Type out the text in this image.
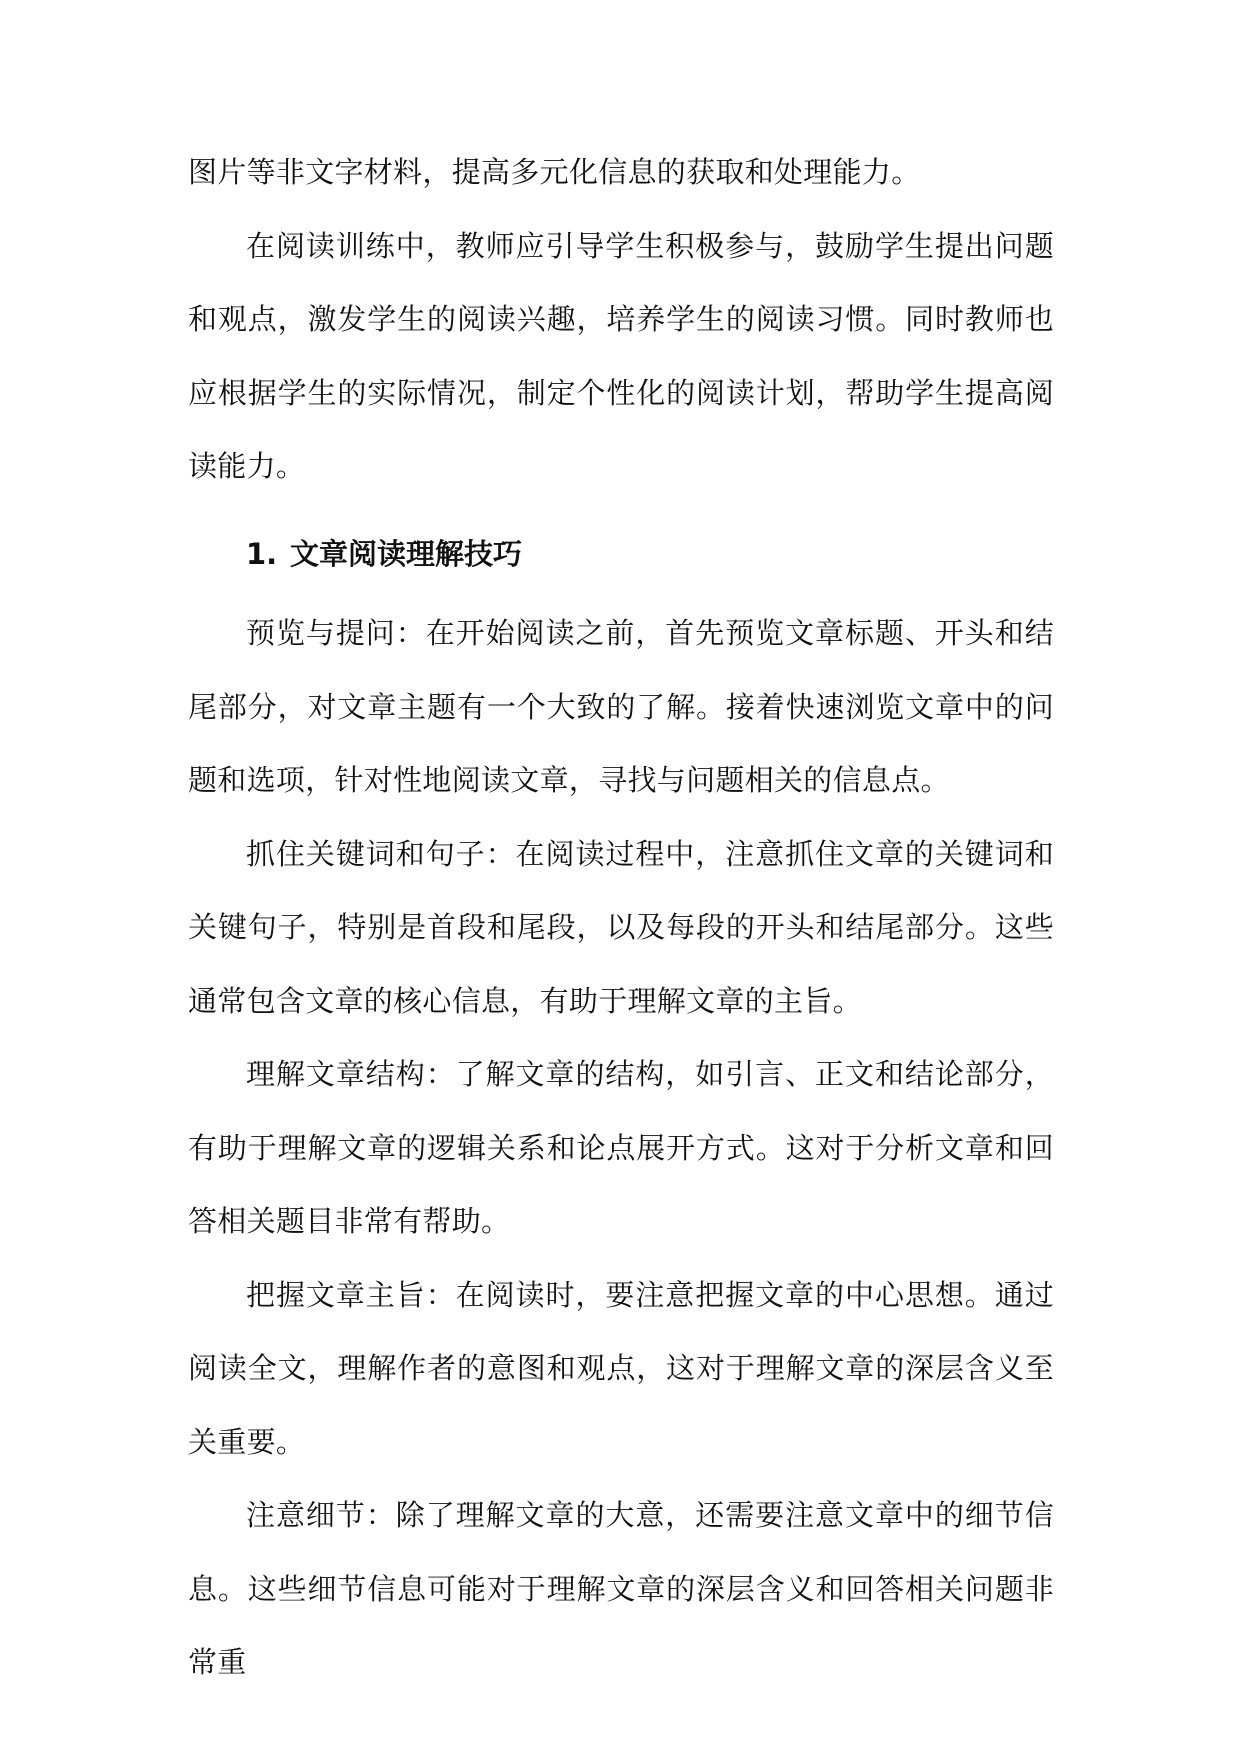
图片等非文字材料，提高多元化信息的获取和处理能力。

在阅读训练中，教师应引导学生积极参与，鼓励学生提出问题和观点，激发学生的阅读兴趣，培养学生的阅读习惯。同时教师也应根据学生的实际情况，制定个性化的阅读计划，帮助学生提高阅读能力。

1. 文章阅读理解技巧

预览与提问：在开始阅读之前，首先预览文章标题、开头和结尾部分，对文章主题有一个大致的了解。接着快速浏览文章中的问题和选项，针对性地阅读文章，寻找与问题相关的信息点。

抓住关键词和句子：在阅读过程中，注意抓住文章的关键词和关键句子，特别是首段和尾段，以及每段的开头和结尾部分。这些通常包含文章的核心信息，有助于理解文章的主旨。

理解文章结构：了解文章的结构，如引言、正文和结论部分，有助于理解文章的逻辑关系和论点展开方式。这对于分析文章和回答相关题目非常有帮助。

把握文章主旨：在阅读时，要注意把握文章的中心思想。通过阅读全文，理解作者的意图和观点，这对于理解文章的深层含义至关重要。

注意细节：除了理解文章的大意，还需要注意文章中的细节信息。这些细节信息可能对于理解文章的深层含义和回答相关问题非常重
